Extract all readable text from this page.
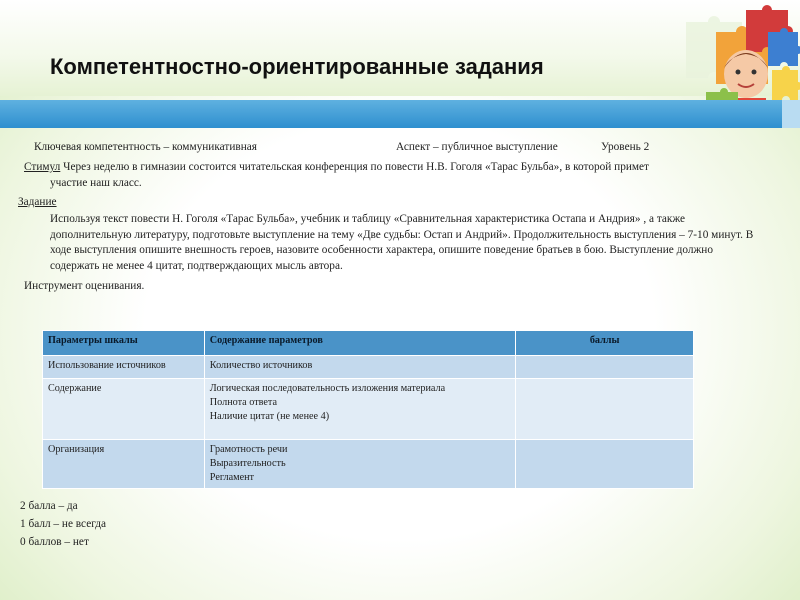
Компетентностно-ориентированные задания

Ключевая компетентность – коммуникативная	Аспект – публичное выступление	Уровень 2

Стимул Через неделю в гимназии состоится читательская конференция по повести Н.В. Гоголя «Тарас Бульба», в которой примет

участие наш класс.

Задание

Используя текст повести Н. Гоголя «Тарас Бульба», учебник и таблицу «Сравнительная характеристика Остапа и Андрия» , а также дополнительную литературу, подготовьте выступление на тему «Две судьбы: Остап и Андрий». Продолжительность выступления – 7-10 минут. В ходе выступления опишите внешность героев, назовите особенности характера, опишите поведение братьев в бою. Выступление должно содержать не менее 4 цитат, подтверждающих мысль автора.

Инструмент оценивания.

Параметры шкалы	Содержание параметров	баллы
Использование источников	Количество источников	

Содержание	Логическая последовательность изложения материала
Полнота ответа
Наличие цитат (не менее 4)	

Организация	Грамотность речи
Выразительность
Регламент	

2 балла – да

1 балл – не всегда

0 баллов – нет
